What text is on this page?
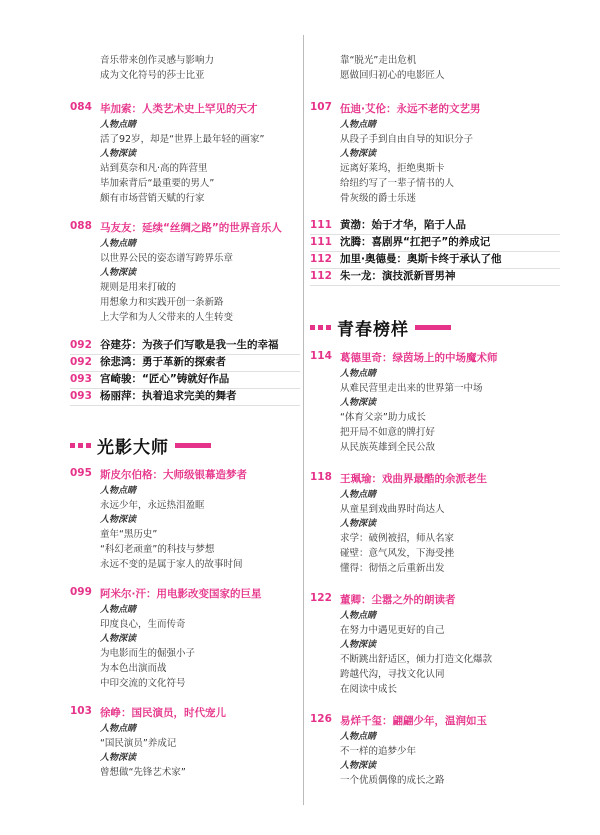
音乐带来创作灵感与影响力
成为文化符号的莎士比亚
084 毕加索：人类艺术史上罕见的天才
人物点睛
活了92岁，却是“世界上最年轻的画家”
人物深读
站到莫奈和凡·高的阵营里
毕加索背后“最重要的男人”
颇有市场营销天赋的行家
088 马友友：延续“丝绸之路”的世界音乐人
人物点睛
以世界公民的姿态谱写跨界乐章
人物深读
规则是用来打破的
用想象力和实践开创一条新路
上大学和为人父带来的人生转变
092 谷建芬：为孩子们写歌是我一生的幸福
092 徐悲鸿：勇于革新的探索者
093 宫崎骏：“匠心”铸就好作品
093 杨丽萍：执着追求完美的舞者
光影大师
095 斯皮尔伯格：大师级银幕造梦者
人物点睛
永远少年，永远热泪盈眶
人物深读
童年“黑历史”
“科幻老顽童”的科技与梦想
永远不变的是属于家人的故事时间
099 阿米尔·汗：用电影改变国家的巨星
人物点睛
印度良心，生而传奇
人物深读
为电影而生的倔强小子
为本色出演而战
中印交流的文化符号
103 徐峥：国民演员，时代宠儿
人物点睛
“国民演员”养成记
人物深读
曾想做“先锋艺术家”
靠“脱光”走出危机
愿做回归初心的电影匠人
107 伍迪·艾伦：永远不老的文艺男
人物点睛
从段子手到自由自导的知识分子
人物深读
远离好莱坞，拒绝奥斯卡
给纽约写了一辈子情书的人
骨灰级的爵士乐迷
111 黄渤：始于才华，陷于人品
111 沈腾：喜剧界“扛把子”的养成记
112 加里·奥德曼：奥斯卡终于承认了他
112 朱一龙：演技派新晋男神
青春榜样
114 葛德里奇：绿茵场上的中场魔术师
人物点睛
从难民营里走出来的世界第一中场
人物深读
“体育父亲”助力成长
把开局不如意的牌打好
从民族英雄到全民公敌
118 王珮瑜：戏曲界最酷的余派老生
人物点睛
从童星到戏曲界时尚达人
人物深读
求学：破例被招，师从名家
碰壁：意气风发，下海受挫
懂得：彻悟之后重新出发
122 董卿：尘嚣之外的朗读者
人物点睛
在努力中遇见更好的自己
人物深读
不断跳出舒适区，倾力打造文化爆款
跨越代沟，寻找文化认同
在阅读中成长
126 易烊千玺：翩翩少年，温润如玉
人物点睛
不一样的追梦少年
人物深读
一个优质偶像的成长之路
